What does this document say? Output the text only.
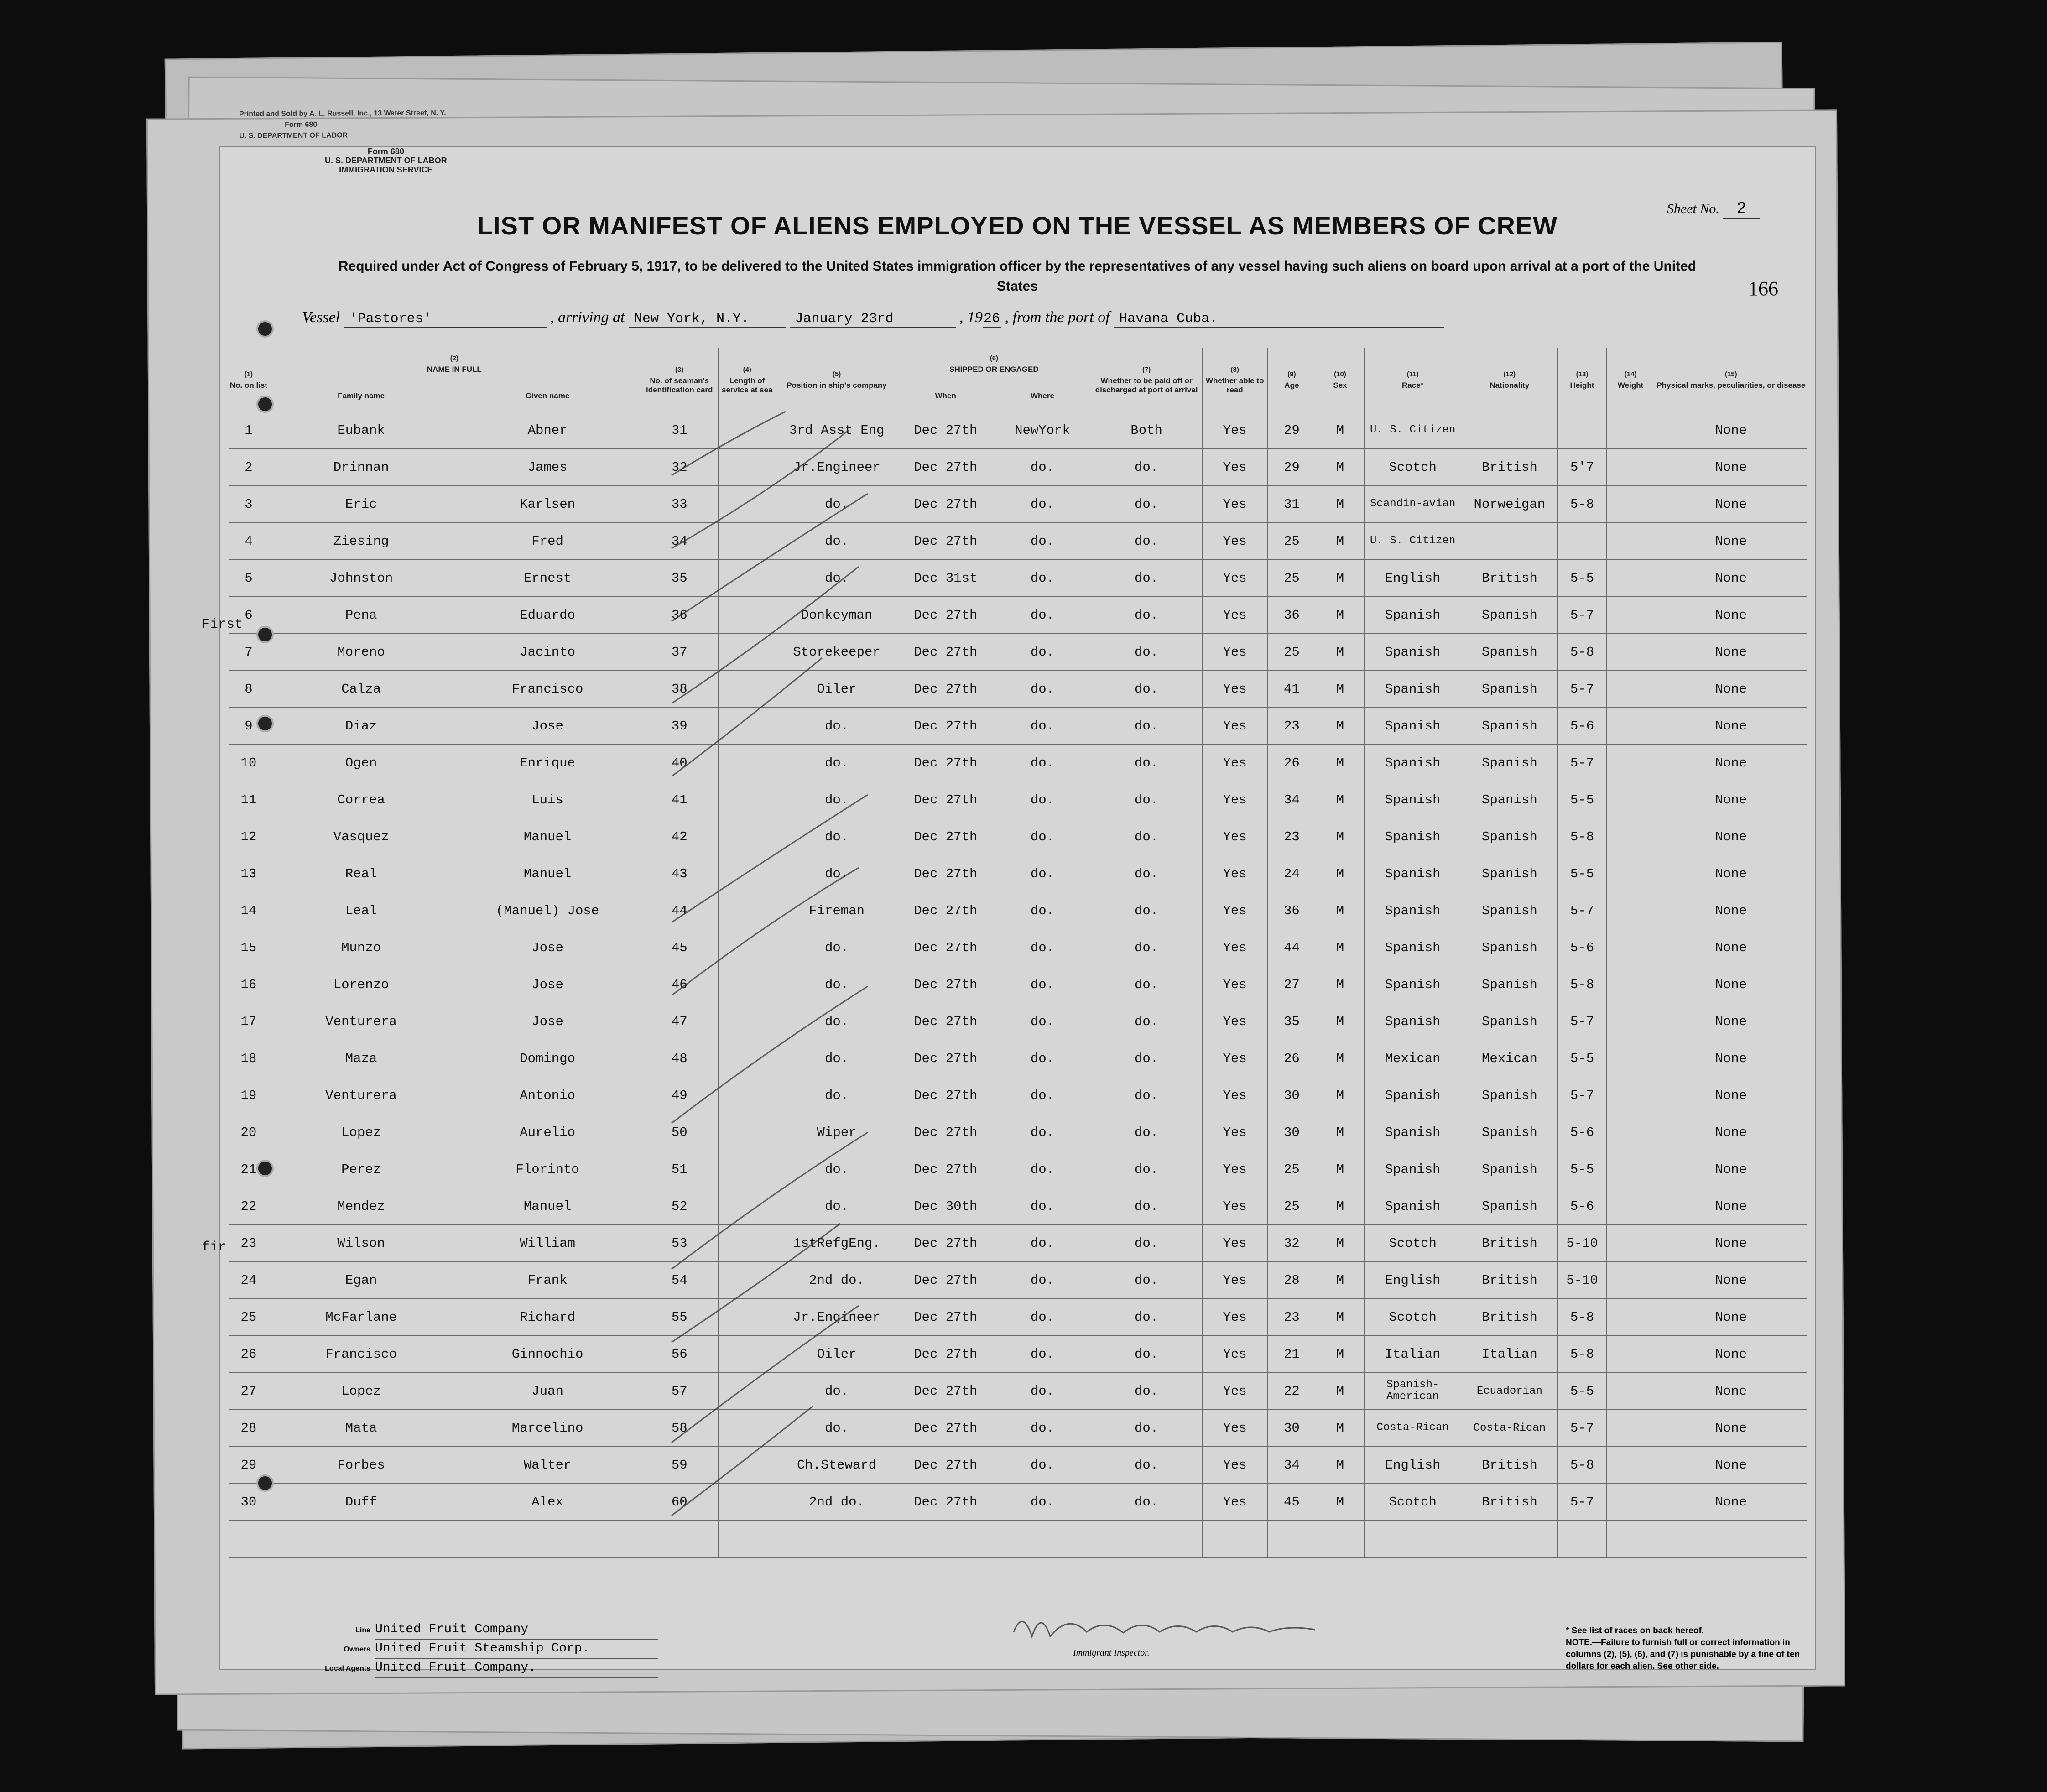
Printed and Sold by A. L. Russell, Inc., 13 Water Street, N. Y.
Form 680
U. S. DEPARTMENT OF LABOR
Form 680
U. S. DEPARTMENT OF LABOR
IMMIGRATION SERVICE
Sheet No. 2
LIST OR MANIFEST OF ALIENS EMPLOYED ON THE VESSEL AS MEMBERS OF CREW
Required under Act of Congress of February 5, 1917, to be delivered to the United States immigration officer by the representatives of any vessel having such aliens on board upon arrival at a port of the United States	166
Vessel 'Pastores'	, arriving at New York, N.Y.	January 23rd	, 1926 , from the port of Havana Cuba.
(1)
No. on list	(2)
NAME IN FULL		(3)
No. of seaman's identification card	(4)
Length of service at sea	(5)
Position in ship's company	(6)
SHIPPED OR ENGAGED		(7)
Whether to be paid off or discharged at port of arrival	(8)
Whether able to read	(9)
Age	(10)
Sex	(11)
Race*	(12)
Nationality	(13)
Height	(14)
Weight	(15)
Physical marks, peculiarities, or disease
	Family name	Given name				When	Where									
1	Eubank	Abner	31		3rd Asst Eng	Dec 27th	NewYork	Both	Yes	29	M	U. S. Citizen				None
2	Drinnan	James	32		Jr.Engineer	Dec 27th	do.	do.	Yes	29	M	Scotch	British	5'7		None
3	Eric	Karlsen	33		do.	Dec 27th	do.	do.	Yes	31	M	Scandin-avian	Norweigan	5-8		None
4	Ziesing	Fred	34		do.	Dec 27th	do.	do.	Yes	25	M	U. S. Citizen				None
5	Johnston	Ernest	35		do.	Dec 31st	do.	do.	Yes	25	M	English	British	5-5		None
6	Pena	Eduardo	36		Donkeyman	Dec 27th	do.	do.	Yes	36	M	Spanish	Spanish	5-7		None
7	Moreno	Jacinto	37		Storekeeper	Dec 27th	do.	do.	Yes	25	M	Spanish	Spanish	5-8		None
8	Calza	Francisco	38		Oiler	Dec 27th	do.	do.	Yes	41	M	Spanish	Spanish	5-7		None
9	Diaz	Jose	39		do.	Dec 27th	do.	do.	Yes	23	M	Spanish	Spanish	5-6		None
10	Ogen	Enrique	40		do.	Dec 27th	do.	do.	Yes	26	M	Spanish	Spanish	5-7		None
11	Correa	Luis	41		do.	Dec 27th	do.	do.	Yes	34	M	Spanish	Spanish	5-5		None
12	Vasquez	Manuel	42		do.	Dec 27th	do.	do.	Yes	23	M	Spanish	Spanish	5-8		None
13	Real	Manuel	43		do.	Dec 27th	do.	do.	Yes	24	M	Spanish	Spanish	5-5		None
14	Leal	(Manuel) Jose	44		Fireman	Dec 27th	do.	do.	Yes	36	M	Spanish	Spanish	5-7		None
15	Munzo	Jose	45		do.	Dec 27th	do.	do.	Yes	44	M	Spanish	Spanish	5-6		None
16	Lorenzo	Jose	46		do.	Dec 27th	do.	do.	Yes	27	M	Spanish	Spanish	5-8		None
17	Venturera	Jose	47		do.	Dec 27th	do.	do.	Yes	35	M	Spanish	Spanish	5-7		None
18	Maza	Domingo	48		do.	Dec 27th	do.	do.	Yes	26	M	Mexican	Mexican	5-5		None
19	Venturera	Antonio	49		do.	Dec 27th	do.	do.	Yes	30	M	Spanish	Spanish	5-7		None
20	Lopez	Aurelio	50		Wiper	Dec 27th	do.	do.	Yes	30	M	Spanish	Spanish	5-6		None
21	Perez	Florinto	51		do.	Dec 27th	do.	do.	Yes	25	M	Spanish	Spanish	5-5		None
22	Mendez	Manuel	52		do.	Dec 30th	do.	do.	Yes	25	M	Spanish	Spanish	5-6		None
23	Wilson	William	53		1stRefgEng.	Dec 27th	do.	do.	Yes	32	M	Scotch	British	5-10		None
24	Egan	Frank	54		2nd do.	Dec 27th	do.	do.	Yes	28	M	English	British	5-10		None
25	McFarlane	Richard	55		Jr.Engineer	Dec 27th	do.	do.	Yes	23	M	Scotch	British	5-8		None
26	Francisco	Ginnochio	56		Oiler	Dec 27th	do.	do.	Yes	21	M	Italian	Italian	5-8		None
27	Lopez	Juan	57		do.	Dec 27th	do.	do.	Yes	22	M	Spanish-American	Ecuadorian	5-5		None
28	Mata	Marcelino	58		do.	Dec 27th	do.	do.	Yes	30	M	Costa-Rican	Costa-Rican	5-7		None
29	Forbes	Walter	59		Ch.Steward	Dec 27th	do.	do.	Yes	34	M	English	British	5-8		None
30	Duff	Alex	60		2nd do.	Dec 27th	do.	do.	Yes	45	M	Scotch	British	5-7		None

First
fir
Line United Fruit Company
Owners United Fruit Steamship Corp.
Local Agents United Fruit Company.
Immigrant Inspector.
* See list of races on back hereof.
NOTE.—Failure to furnish full or correct information in columns (2), (5), (6), and (7) is punishable by a fine of ten dollars for each alien. See other side.
